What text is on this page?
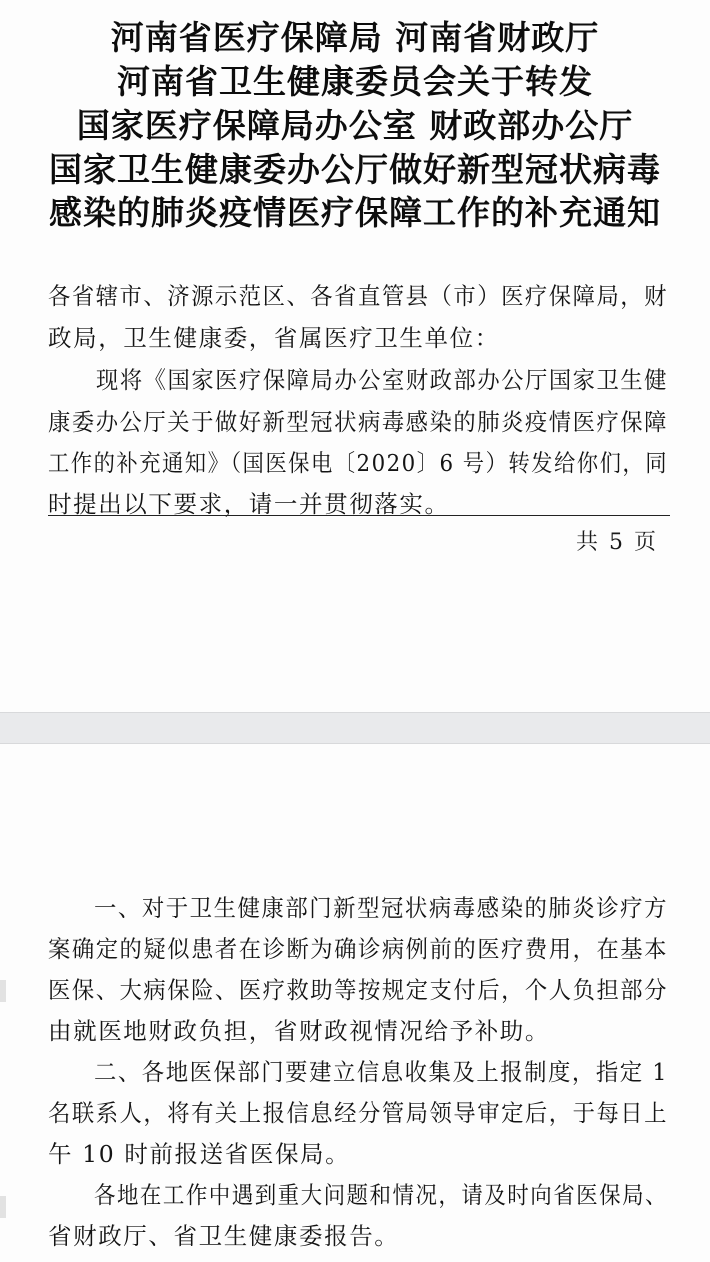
河南省医疗保障局 河南省财政厅
河南省卫生健康委员会关于转发
国家医疗保障局办公室 财政部办公厅
国家卫生健康委办公厅做好新型冠状病毒
感染的肺炎疫情医疗保障工作的补充通知
各省辖市、济源示范区、各省直管县（市）医疗保障局，财
政局，卫生健康委，省属医疗卫生单位：
现将《国家医疗保障局办公室财政部办公厅国家卫生健
康委办公厅关于做好新型冠状病毒感染的肺炎疫情医疗保障
工作的补充通知》（国医保电〔2020〕6 号）转发给你们，同
时提出以下要求，请一并贯彻落实。
共 5 页
一、对于卫生健康部门新型冠状病毒感染的肺炎诊疗方
案确定的疑似患者在诊断为确诊病例前的医疗费用，在基本
医保、大病保险、医疗救助等按规定支付后，个人负担部分
由就医地财政负担，省财政视情况给予补助。
二、各地医保部门要建立信息收集及上报制度，指定 1
名联系人，将有关上报信息经分管局领导审定后，于每日上
午 10 时前报送省医保局。
各地在工作中遇到重大问题和情况，请及时向省医保局、
省财政厅、省卫生健康委报告。
